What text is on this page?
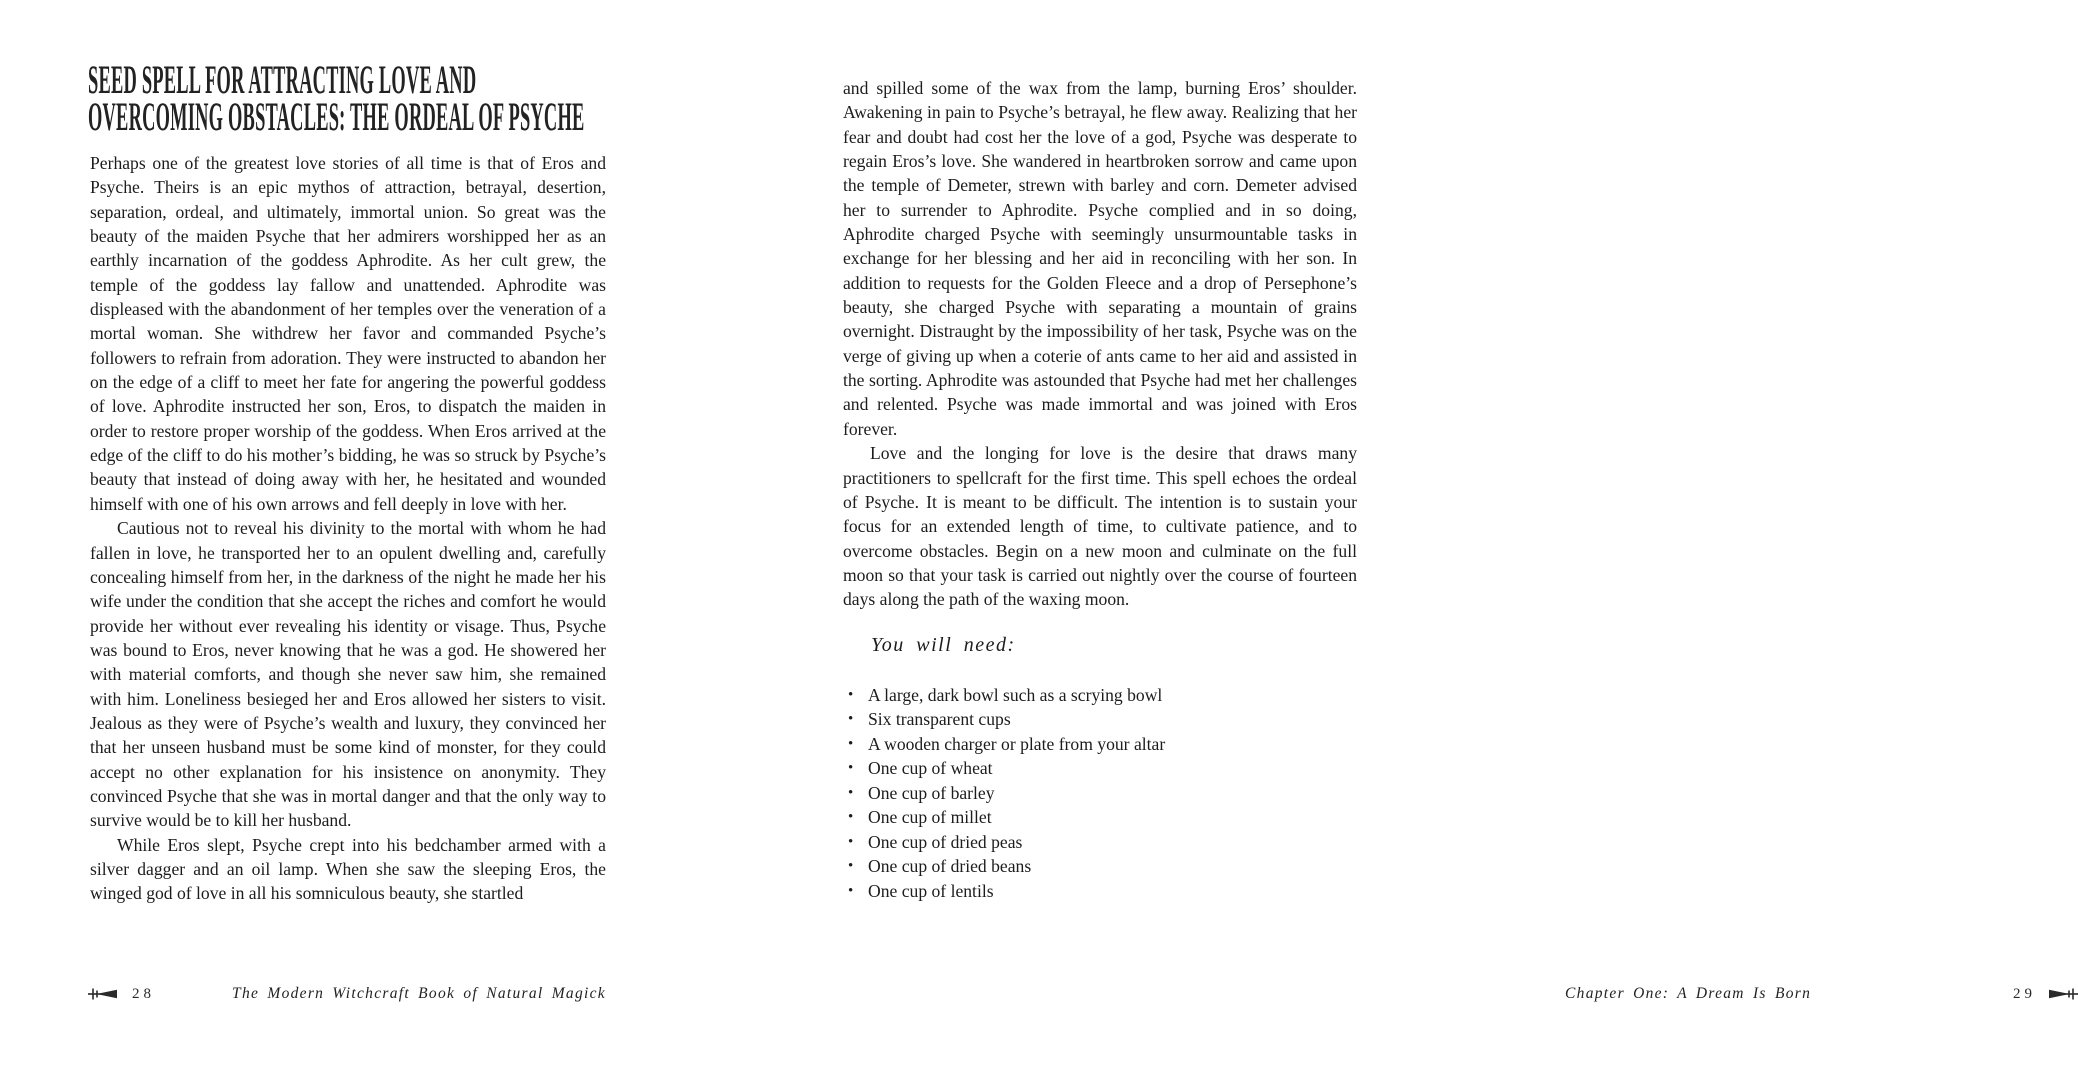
SEED SPELL FOR ATTRACTING LOVE AND
OVERCOMING OBSTACLES: THE ORDEAL OF PSYCHE

Perhaps one of the greatest love stories of all time is that of Eros and Psyche. Theirs is an epic mythos of attraction, betrayal, desertion, separation, ordeal, and ultimately, immortal union. So great was the beauty of the maiden Psyche that her admirers worshipped her as an earthly incarnation of the goddess Aphrodite. As her cult grew, the temple of the goddess lay fallow and unattended. Aphrodite was displeased with the abandonment of her temples over the veneration of a mortal woman. She withdrew her favor and commanded Psyche’s followers to refrain from adoration. They were instructed to abandon her on the edge of a cliff to meet her fate for angering the powerful goddess of love. Aphrodite instructed her son, Eros, to dispatch the maiden in order to restore proper worship of the goddess. When Eros arrived at the edge of the cliff to do his mother’s bidding, he was so struck by Psyche’s beauty that instead of doing away with her, he hesitated and wounded himself with one of his own arrows and fell deeply in love with her.

Cautious not to reveal his divinity to the mortal with whom he had fallen in love, he transported her to an opulent dwelling and, carefully concealing himself from her, in the darkness of the night he made her his wife under the condition that she accept the riches and comfort he would provide her without ever revealing his identity or visage. Thus, Psyche was bound to Eros, never knowing that he was a god. He showered her with material comforts, and though she never saw him, she remained with him. Loneliness besieged her and Eros allowed her sisters to visit. Jealous as they were of Psyche’s wealth and luxury, they convinced her that her unseen husband must be some kind of monster, for they could accept no other explanation for his insistence on anonymity. They convinced Psyche that she was in mortal danger and that the only way to survive would be to kill her husband.

While Eros slept, Psyche crept into his bedchamber armed with a silver dagger and an oil lamp. When she saw the sleeping Eros, the winged god of love in all his somniculous beauty, she startled

28	The Modern Witchcraft Book of Natural Magick

and spilled some of the wax from the lamp, burning Eros’ shoulder. Awakening in pain to Psyche’s betrayal, he flew away. Realizing that her fear and doubt had cost her the love of a god, Psyche was desperate to regain Eros’s love. She wandered in heartbroken sorrow and came upon the temple of Demeter, strewn with barley and corn. Demeter advised her to surrender to Aphrodite. Psyche complied and in so doing, Aphrodite charged Psyche with seemingly unsurmountable tasks in exchange for her blessing and her aid in reconciling with her son. In addition to requests for the Golden Fleece and a drop of Persephone’s beauty, she charged Psyche with separating a mountain of grains overnight. Distraught by the impossibility of her task, Psyche was on the verge of giving up when a coterie of ants came to her aid and assisted in the sorting. Aphrodite was astounded that Psyche had met her challenges and relented. Psyche was made immortal and was joined with Eros forever.

Love and the longing for love is the desire that draws many practitioners to spellcraft for the first time. This spell echoes the ordeal of Psyche. It is meant to be difficult. The intention is to sustain your focus for an extended length of time, to cultivate patience, and to overcome obstacles. Begin on a new moon and culminate on the full moon so that your task is carried out nightly over the course of fourteen days along the path of the waxing moon.

You will need:
• A large, dark bowl such as a scrying bowl
• Six transparent cups
• A wooden charger or plate from your altar
• One cup of wheat
• One cup of barley
• One cup of millet
• One cup of dried peas
• One cup of dried beans
• One cup of lentils
Chapter One: A Dream Is Born	29
